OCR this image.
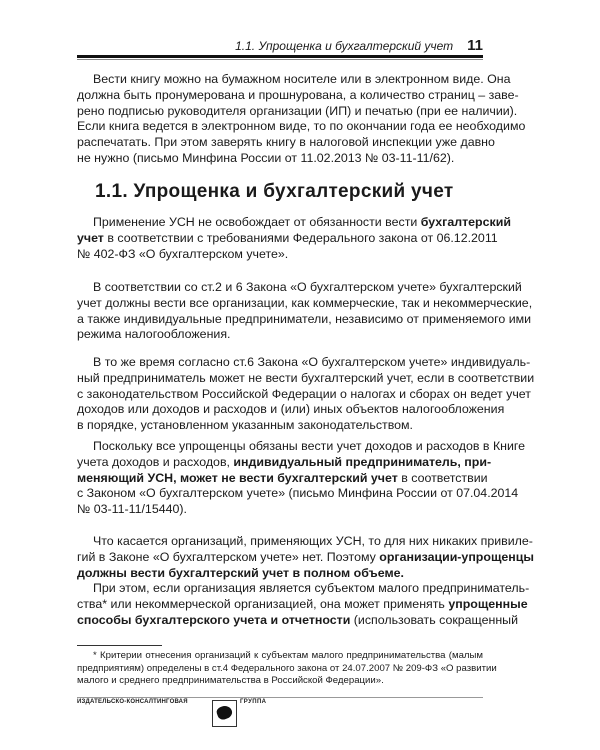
1.1. Упрощенка и бухгалтерский учет 11
1.1. Упрощенка и бухгалтерский учет
Вести книгу можно на бумажном носителе или в электронном виде. Она
должна быть пронумерована и прошнурована, а количество страниц – заве-
рено подписью руководителя организации (ИП) и печатью (при ее наличии).
Если книга ведется в электронном виде, то по окончании года ее необходимо
распечатать. При этом заверять книгу в налоговой инспекции уже давно
не нужно (письмо Минфина России от 11.02.2013 № 03-11-11/62).
Применение УСН не освобождает от обязанности вести бухгалтерский
учет в соответствии с требованиями Федерального закона от 06.12.2011
№ 402-ФЗ «О бухгалтерском учете».
В соответствии со ст.2 и 6 Закона «О бухгалтерском учете» бухгалтерский
учет должны вести все организации, как коммерческие, так и некоммерческие,
а также индивидуальные предприниматели, независимо от применяемого ими
режима налогообложения.
В то же время согласно ст.6 Закона «О бухгалтерском учете» индивидуаль-
ный предприниматель может не вести бухгалтерский учет, если в соответствии
с законодательством Российской Федерации о налогах и сборах он ведет учет
доходов или доходов и расходов и (или) иных объектов налогообложения
в порядке, установленном указанным законодательством.
Поскольку все упрощенцы обязаны вести учет доходов и расходов в Книге
учета доходов и расходов, индивидуальный предприниматель, при-
меняющий УСН, может не вести бухгалтерский учет в соответствии
с Законом «О бухгалтерском учете» (письмо Минфина России от 07.04.2014
№ 03-11-11/15440).
Что касается организаций, применяющих УСН, то для них никаких привиле-
гий в Законе «О бухгалтерском учете» нет. Поэтому организации-упрощенцы
должны вести бухгалтерский учет в полном объеме.
При этом, если организация является субъектом малого предприниматель-
ства* или некоммерческой организацией, она может применять упрощенные
способы бухгалтерского учета и отчетности (использовать сокращенный
* Критерии отнесения организаций к субъектам малого предпринимательства (малым
предприятиям) определены в ст.4 Федерального закона от 24.07.2007 № 209-ФЗ «О развитии
малого и среднего предпринимательства в Российской Федерации».
ИЗДАТЕЛЬСКО-КОНСАЛТИНГОВАЯ	ГРУППА
